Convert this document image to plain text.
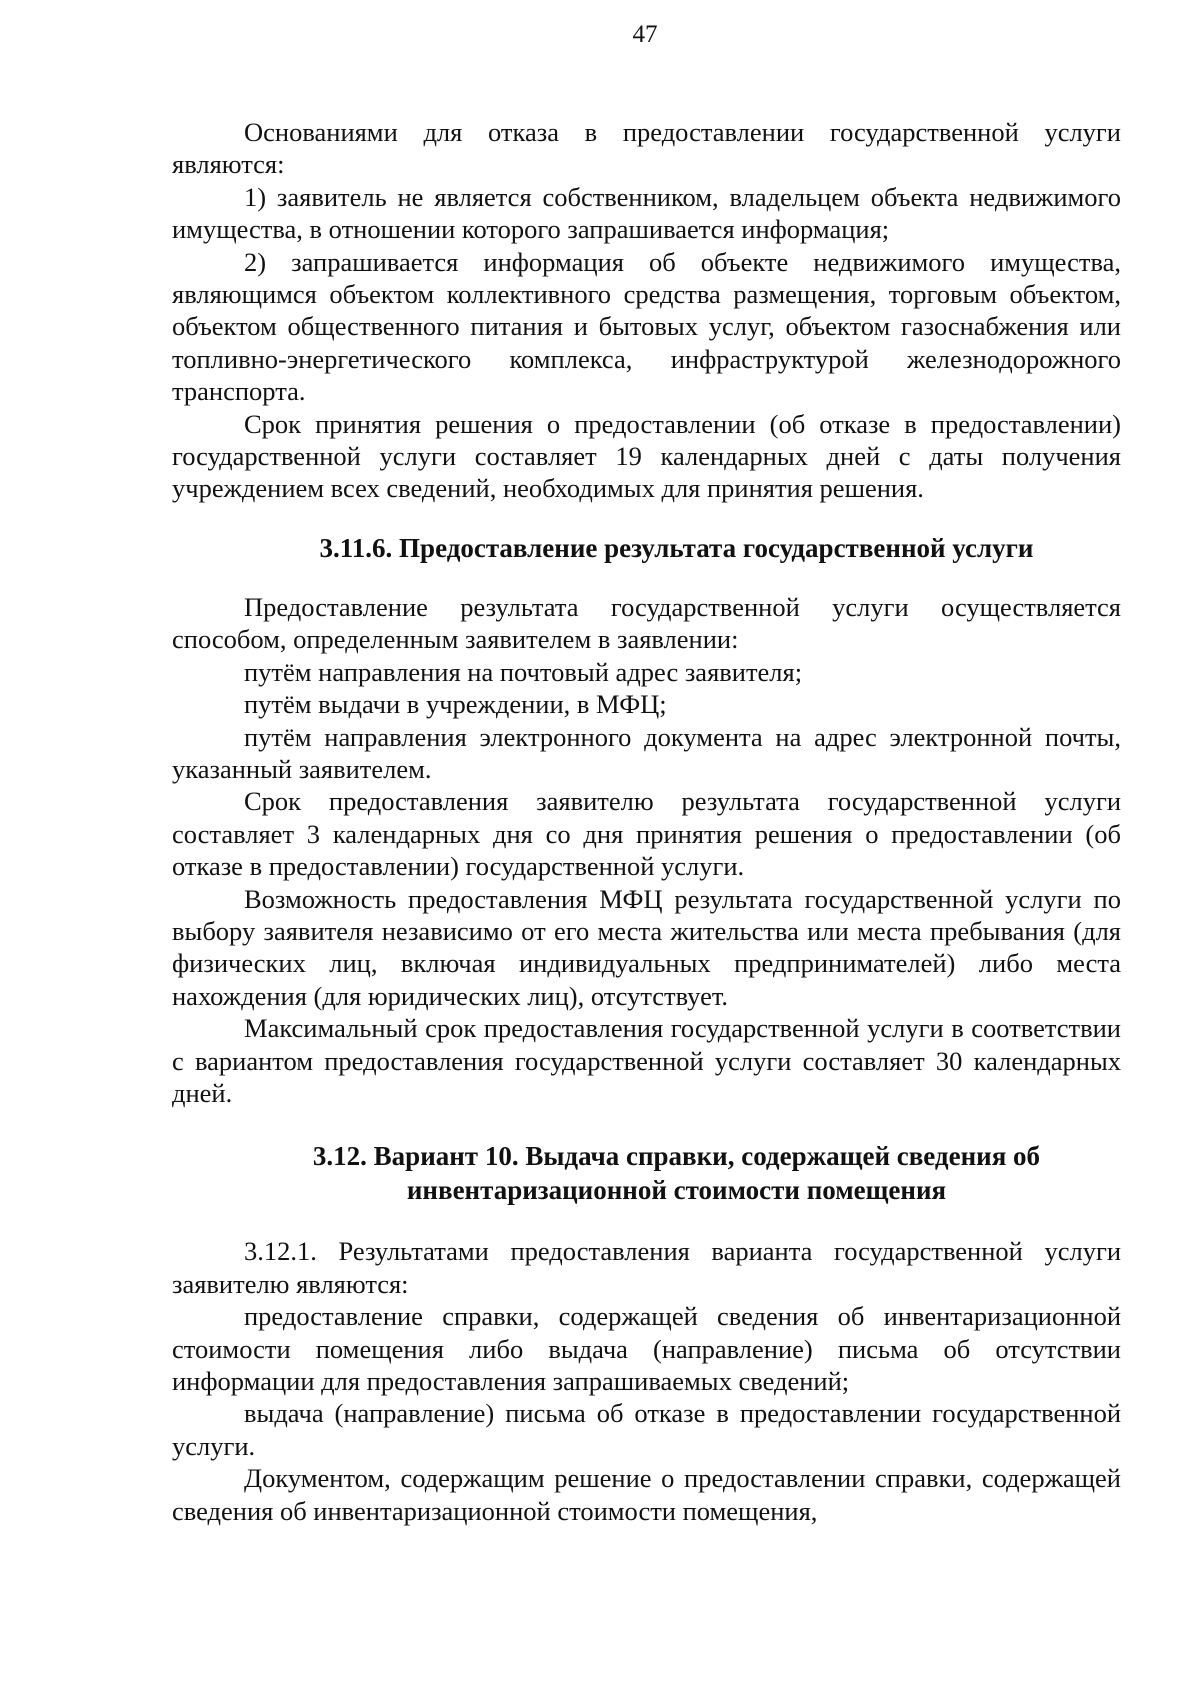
47

Основаниями для отказа в предоставлении государственной услуги являются:

1) заявитель не является собственником, владельцем объекта недвижимого имущества, в отношении которого запрашивается информация;

2) запрашивается информация об объекте недвижимого имущества, являющимся объектом коллективного средства размещения, торговым объектом, объектом общественного питания и бытовых услуг, объектом газоснабжения или топливно-энергетического комплекса, инфраструктурой железнодорожного транспорта.

Срок принятия решения о предоставлении (об отказе в предоставлении) государственной услуги составляет 19 календарных дней с даты получения учреждением всех сведений, необходимых для принятия решения.

3.11.6. Предоставление результата государственной услуги

Предоставление результата государственной услуги осуществляется способом, определенным заявителем в заявлении:

путём направления на почтовый адрес заявителя;

путём выдачи в учреждении, в МФЦ;

путём направления электронного документа на адрес электронной почты, указанный заявителем.

Срок предоставления заявителю результата государственной услуги составляет 3 календарных дня со дня принятия решения о предоставлении (об отказе в предоставлении) государственной услуги.

Возможность предоставления МФЦ результата государственной услуги по выбору заявителя независимо от его места жительства или места пребывания (для физических лиц, включая индивидуальных предпринимателей) либо места нахождения (для юридических лиц), отсутствует.

Максимальный срок предоставления государственной услуги в соответствии с вариантом предоставления государственной услуги составляет 30 календарных дней.

3.12. Вариант 10. Выдача справки, содержащей сведения об

инвентаризационной стоимости помещения

3.12.1. Результатами предоставления варианта государственной услуги заявителю являются:

предоставление справки, содержащей сведения об инвентаризационной стоимости помещения либо выдача (направление) письма об отсутствии информации для предоставления запрашиваемых сведений;

выдача (направление) письма об отказе в предоставлении государственной услуги.

Документом, содержащим решение о предоставлении справки, содержащей сведения об инвентаризационной стоимости помещения,
